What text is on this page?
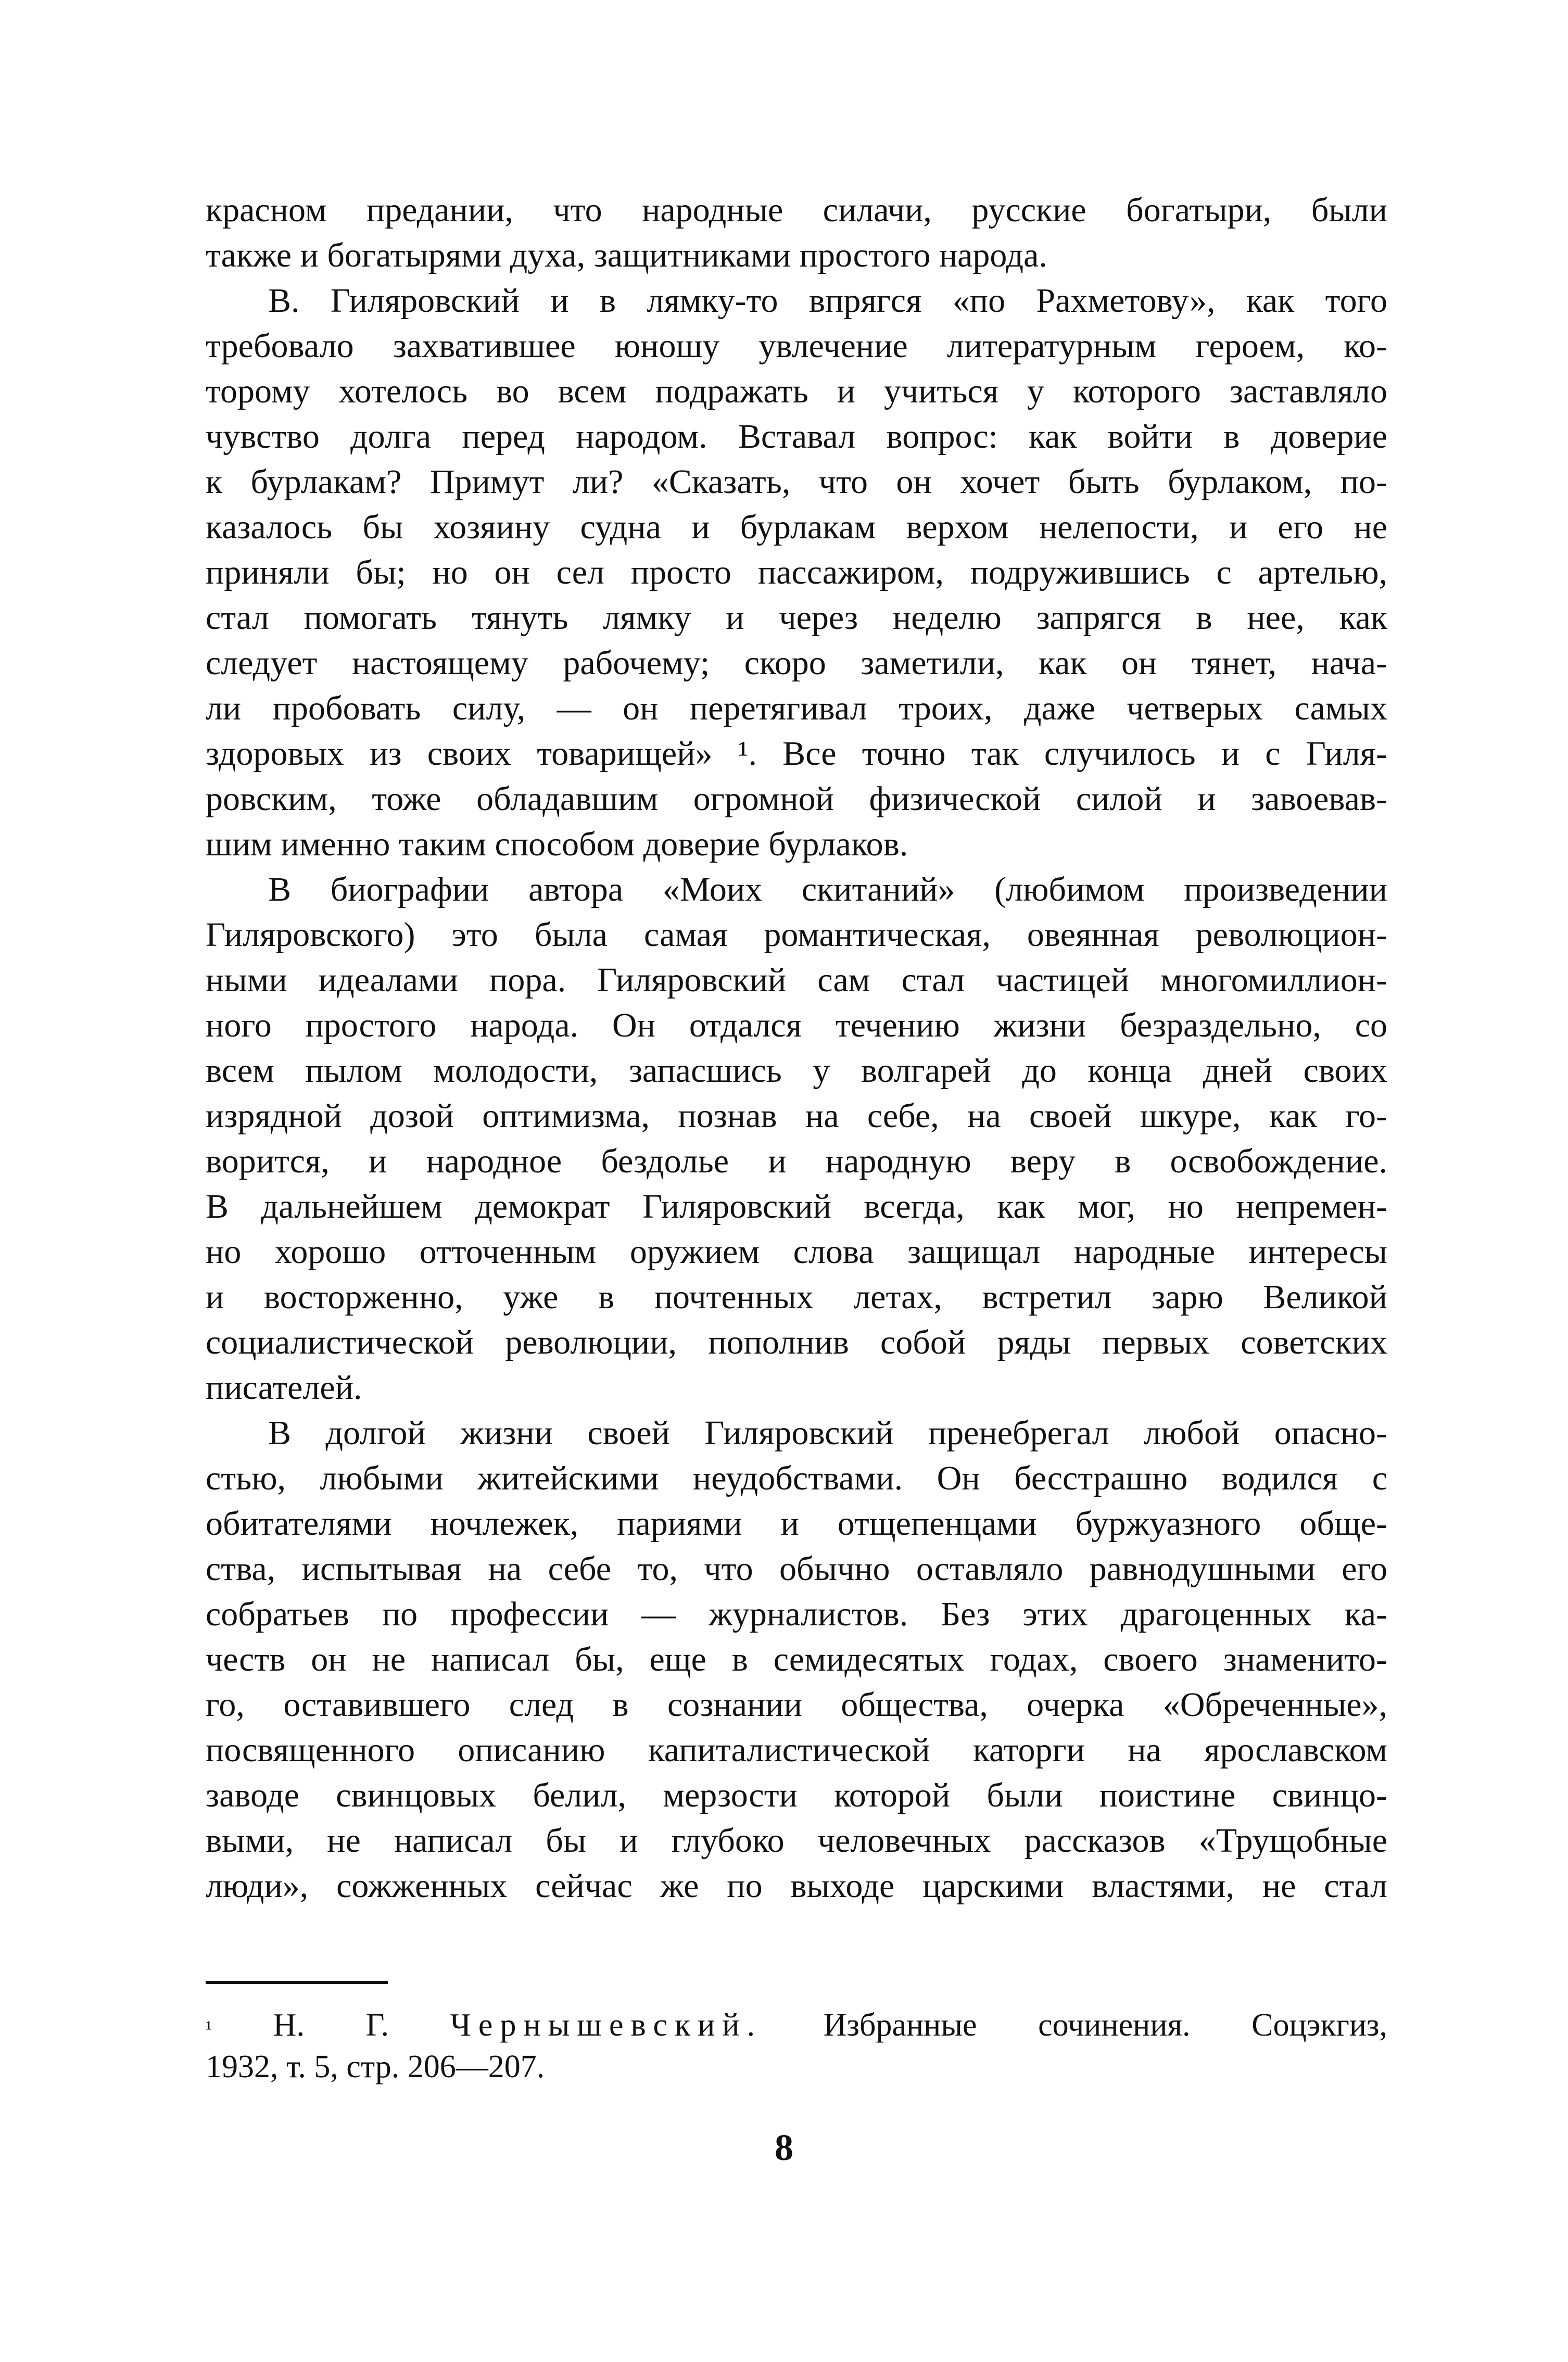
красном предании, что народные силачи, русские богатыри, были
также и богатырями духа, защитниками простого народа.
В. Гиляровский и в лямку-то впрягся «по Рахметову», как того
требовало захватившее юношу увлечение литературным героем, ко-
торому хотелось во всем подражать и учиться у которого заставляло
чувство долга перед народом. Вставал вопрос: как войти в доверие
к бурлакам? Примут ли? «Сказать, что он хочет быть бурлаком, по-
казалось бы хозяину судна и бурлакам верхом нелепости, и его не
приняли бы; но он сел просто пассажиром, подружившись с артелью,
стал помогать тянуть лямку и через неделю запрягся в нее, как
следует настоящему рабочему; скоро заметили, как он тянет, нача-
ли пробовать силу, — он перетягивал троих, даже четверых самых
здоровых из своих товарищей» ¹. Все точно так случилось и с Гиля-
ровским, тоже обладавшим огромной физической силой и завоевав-
шим именно таким способом доверие бурлаков.
В биографии автора «Моих скитаний» (любимом произведении
Гиляровского) это была самая романтическая, овеянная революцион-
ными идеалами пора. Гиляровский сам стал частицей многомиллион-
ного простого народа. Он отдался течению жизни безраздельно, со
всем пылом молодости, запасшись у волгарей до конца дней своих
изрядной дозой оптимизма, познав на себе, на своей шкуре, как го-
ворится, и народное бездолье и народную веру в освобождение.
В дальнейшем демократ Гиляровский всегда, как мог, но непремен-
но хорошо отточенным оружием слова защищал народные интересы
и восторженно, уже в почтенных летах, встретил зарю Великой
социалистической революции, пополнив собой ряды первых советских
писателей.
В долгой жизни своей Гиляровский пренебрегал любой опасно-
стью, любыми житейскими неудобствами. Он бесстрашно водился с
обитателями ночлежек, париями и отщепенцами буржуазного обще-
ства, испытывая на себе то, что обычно оставляло равнодушными его
собратьев по профессии — журналистов. Без этих драгоценных ка-
честв он не написал бы, еще в семидесятых годах, своего знаменито-
го, оставившего след в сознании общества, очерка «Обреченные»,
посвященного описанию капиталистической каторги на ярославском
заводе свинцовых белил, мерзости которой были поистине свинцо-
выми, не написал бы и глубоко человечных рассказов «Трущобные
люди», сожженных сейчас же по выходе царскими властями, не стал
$^{^1}$ Н. Г. Чернышевский. Избранные сочинения. Соцэкгиз,
1932, т. 5, стр. 206—207.
8
